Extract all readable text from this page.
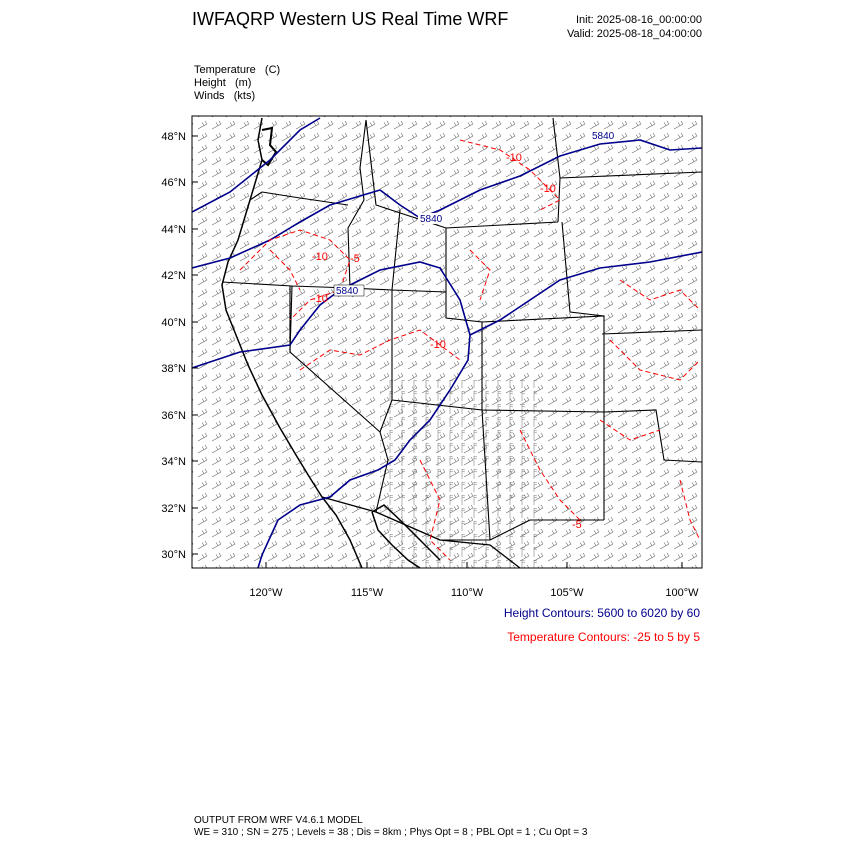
IWFAQRP Western US Real Time WRF	Init: 2025-08-16_00:00:00
Valid: 2025-08-18_04:00:00
Temperature   (C)
Height   (m)
Winds   (kts)
5840
5840
5840
-10
-10
-10
-10
-10
-5
-5
48°N
46°N
44°N
42°N
40°N
38°N
36°N
34°N
32°N
30°N
120°W	115°W	110°W	105°W	100°W
Height Contours: 5600 to 6020 by 60
Temperature Contours: -25 to 5 by 5
OUTPUT FROM WRF V4.6.1 MODEL
WE = 310 ; SN = 275 ; Levels = 38 ; Dis = 8km ; Phys Opt = 8 ; PBL Opt = 1 ; Cu Opt = 3
